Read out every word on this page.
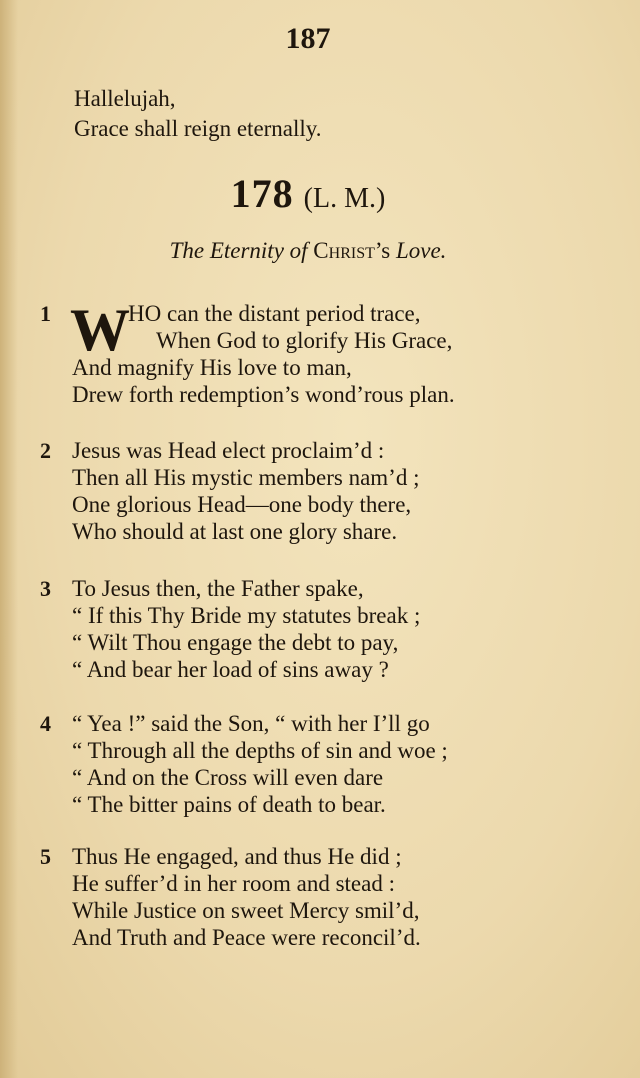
187
Hallelujah,
Grace shall reign eternally.
178 (L. M.)
The Eternity of Christ’s Love.
1 W
HO can the distant period trace,
When God to glorify His Grace,
And magnify His love to man,
Drew forth redemption’s wond’rous plan.
2 Jesus was Head elect proclaim’d :
Then all His mystic members nam’d ;
One glorious Head—one body there,
Who should at last one glory share.
3 To Jesus then, the Father spake,
“ If this Thy Bride my statutes break ;
“ Wilt Thou engage the debt to pay,
“ And bear her load of sins away ?
4 “ Yea !” said the Son, “ with her I’ll go
“ Through all the depths of sin and woe ;
“ And on the Cross will even dare
“ The bitter pains of death to bear.
5 Thus He engaged, and thus He did ;
He suffer’d in her room and stead :
While Justice on sweet Mercy smil’d,
And Truth and Peace were reconcil’d.
